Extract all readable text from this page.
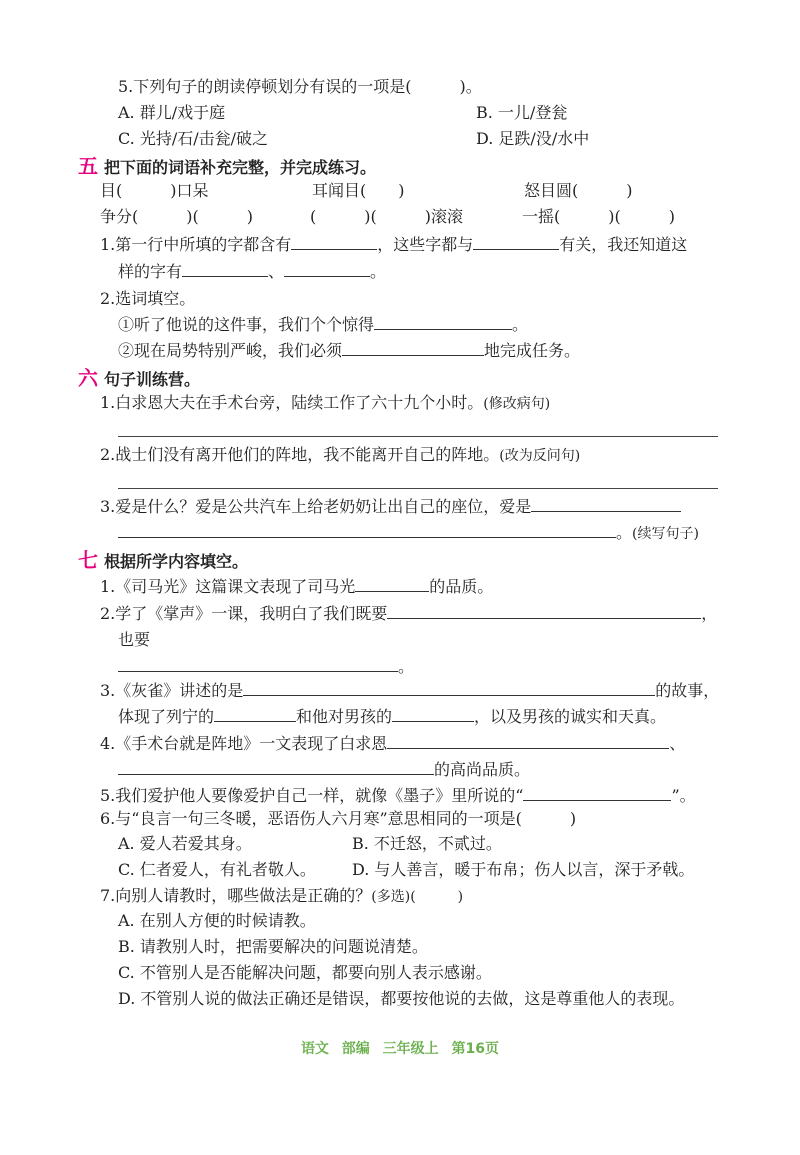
5.下列句子的朗读停顿划分有误的一项是(　　　)。
A. 群儿/戏于庭	B. 一儿/登瓮
C. 光持/石/击瓮/破之	D. 足跌/没/水中
五 把下面的词语补充完整，并完成练习。
目(　　　)口呆	耳闻目(　　)	怒目圆(　　　)
争分(　　　)(　　　)	(　　　)(　　　)滚滚	一摇(　　　)(　　　)
1.第一行中所填的字都含有	，这些字都与	有关，我还知道这
样的字有	、	。
2.选词填空。
①听了他说的这件事，我们个个惊得	。
②现在局势特别严峻，我们必须	地完成任务。
六 句子训练营。
1.白求恩大夫在手术台旁，陆续工作了六十九个小时。(修改病句)
2.战士们没有离开他们的阵地，我不能离开自己的阵地。(改为反问句)
3.爱是什么？爱是公共汽车上给老奶奶让出自己的座位，爱是
。(续写句子)
七 根据所学内容填空。
1.《司马光》这篇课文表现了司马光	的品质。
2.学了《掌声》一课，我明白了我们既要	，
也要
。
3.《灰雀》讲述的是	的故事，
体现了列宁的	和他对男孩的	，以及男孩的诚实和天真。
4.《手术台就是阵地》一文表现了白求恩	、
的高尚品质。
5.我们爱护他人要像爱护自己一样，就像《墨子》里所说的“	”。
6.与“良言一句三冬暖，恶语伤人六月寒”意思相同的一项是(　　　)
A. 爱人若爱其身。	B. 不迁怒，不贰过。
C. 仁者爱人，有礼者敬人。 D. 与人善言，暖于布帛；伤人以言，深于矛戟。
7.向别人请教时，哪些做法是正确的？(多选)(　　　)
A. 在别人方便的时候请教。
B. 请教别人时，把需要解决的问题说清楚。
C. 不管别人是否能解决问题，都要向别人表示感谢。
D. 不管别人说的做法正确还是错误，都要按他说的去做，这是尊重他人的表现。
语文 部编 三年级上 第16页
